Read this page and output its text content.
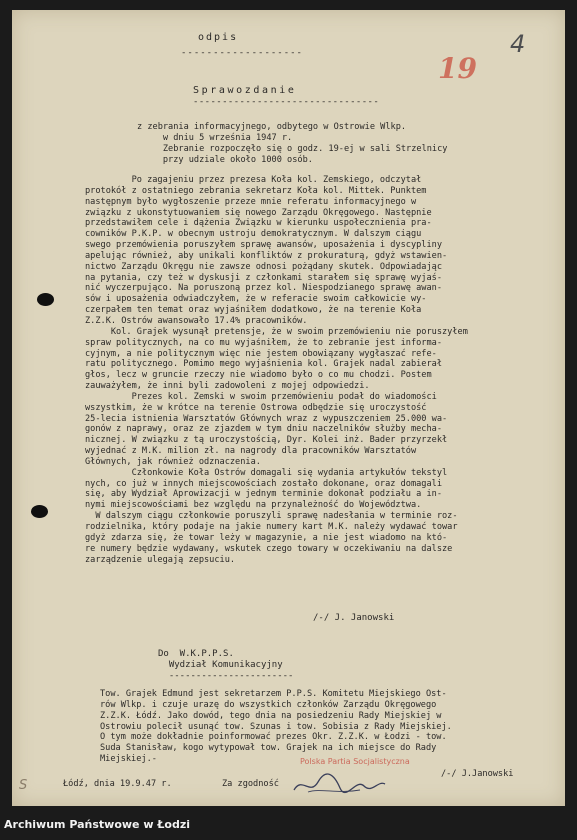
odpis
-------------------	4
19
Sprawozdanie
--------------------------------
z zebrania informacyjnego, odbytego w Ostrowie Wlkp.
w dniu 5 września 1947 r.
Zebranie rozpoczęło się o godz. 19-ej w sali Strzelnicy
przy udziale około 1000 osób.
Po zagajeniu przez prezesa Koła kol. Zemskiego, odczytał
protokół z ostatniego zebrania sekretarz Koła kol. Mittek. Punktem
następnym było wygłoszenie przeze mnie referatu informacyjnego w
związku z ukonstytuowaniem się nowego Zarządu Okręgowego. Następnie
przedstawiłem cele i dążenia Związku w kierunku uspołecznienia pra-
cowników P.K.P. w obecnym ustroju demokratycznym. W dalszym ciągu
swego przemówienia poruszyłem sprawę awansów, uposażenia i dyscypliny
apelując również, aby unikali konfliktów z prokuraturą, gdyż wstawien-
nictwo Zarządu Okręgu nie zawsze odnosi pożądany skutek. Odpowiadając
na pytania, czy też w dyskusji z członkami starałem się sprawę wyjaś-
nić wyczerpująco. Na poruszoną przez kol. Niespodzianego sprawę awan-
sów i uposażenia odwiadczyłem, że w referacie swoim całkowicie wy-
czerpałem ten temat oraz wyjaśniłem dodatkowo, że na terenie Koła
Z.Z.K. Ostrów awansowało 17.4% pracowników.
Kol. Grajek wysunął pretensje, że w swoim przemówieniu nie poruszyłem
spraw politycznych, na co mu wyjaśniłem, że to zebranie jest informa-
cyjnym, a nie politycznym więc nie jestem obowiązany wygłaszać refe-
ratu politycznego. Pomimo mego wyjaśnienia kol. Grajek nadal zabierał
głos, lecz w gruncie rzeczy nie wiadomo było o co mu chodzi. Postem
zauważyłem, że inni byli zadowoleni z mojej odpowiedzi.
Prezes kol. Zemski w swoim przemówieniu podał do wiadomości
wszystkim, że w krótce na terenie Ostrowa odbędzie się uroczystość
25-lecia istnienia Warsztatów Głównych wraz z wypuszczeniem 25.000 wa-
gonów z naprawy, oraz ze zjazdem w tym dniu naczelników służby mecha-
nicznej. W związku z tą uroczystością, Dyr. Kolei inż. Bader przyrzekł
wyjednać z M.K. milion zł. na nagrody dla pracowników Warsztatów
Głównych, jak również odznaczenia.
Członkowie Koła Ostrów domagali się wydania artykułów tekstyl
nych, co już w innych miejscowościach zostało dokonane, oraz domagali
się, aby Wydział Aprowizacji w jednym terminie dokonał podziału a in-
nymi miejscowościami bez względu na przynależność do Województwa.
W dalszym ciągu członkowie poruszyli sprawę nadesłania w terminie roz-
rodzielnika, który podaje na jakie numery kart M.K. należy wydawać towar
gdyż zdarza się, że towar leży w magazynie, a nie jest wiadomo na któ-
re numery będzie wydawany, wskutek czego towary w oczekiwaniu na dalsze
zarządzenie ulegają zepsuciu.
/-/ J. Janowski
Do  W.K.P.P.S.
Wydział Komunikacyjny
-----------------------
Tow. Grajek Edmund jest sekretarzem P.P.S. Komitetu Miejskiego Ost-
rów Wlkp. i czuje urazę do wszystkich członków Zarządu Okręgowego
Z.Z.K. Łódź. Jako dowód, tego dnia na posiedzeniu Rady Miejskiej w
Ostrowiu polecił usunąć tow. Szunas i tow. Sobisia z Rady Miejskiej.
O tym może dokładnie poinformować prezes Okr. Z.Z.K. w Łodzi - tow.
Suda Stanisław, kogo wytypował tow. Grajek na ich miejsce do Rady
Miejskiej.-
Łódź, dnia 19.9.47 r.	Za zgodność
Polska Partia Socjalistyczna
/-/ J.Janowski
S
Archiwum Państwowe w Łodzi
